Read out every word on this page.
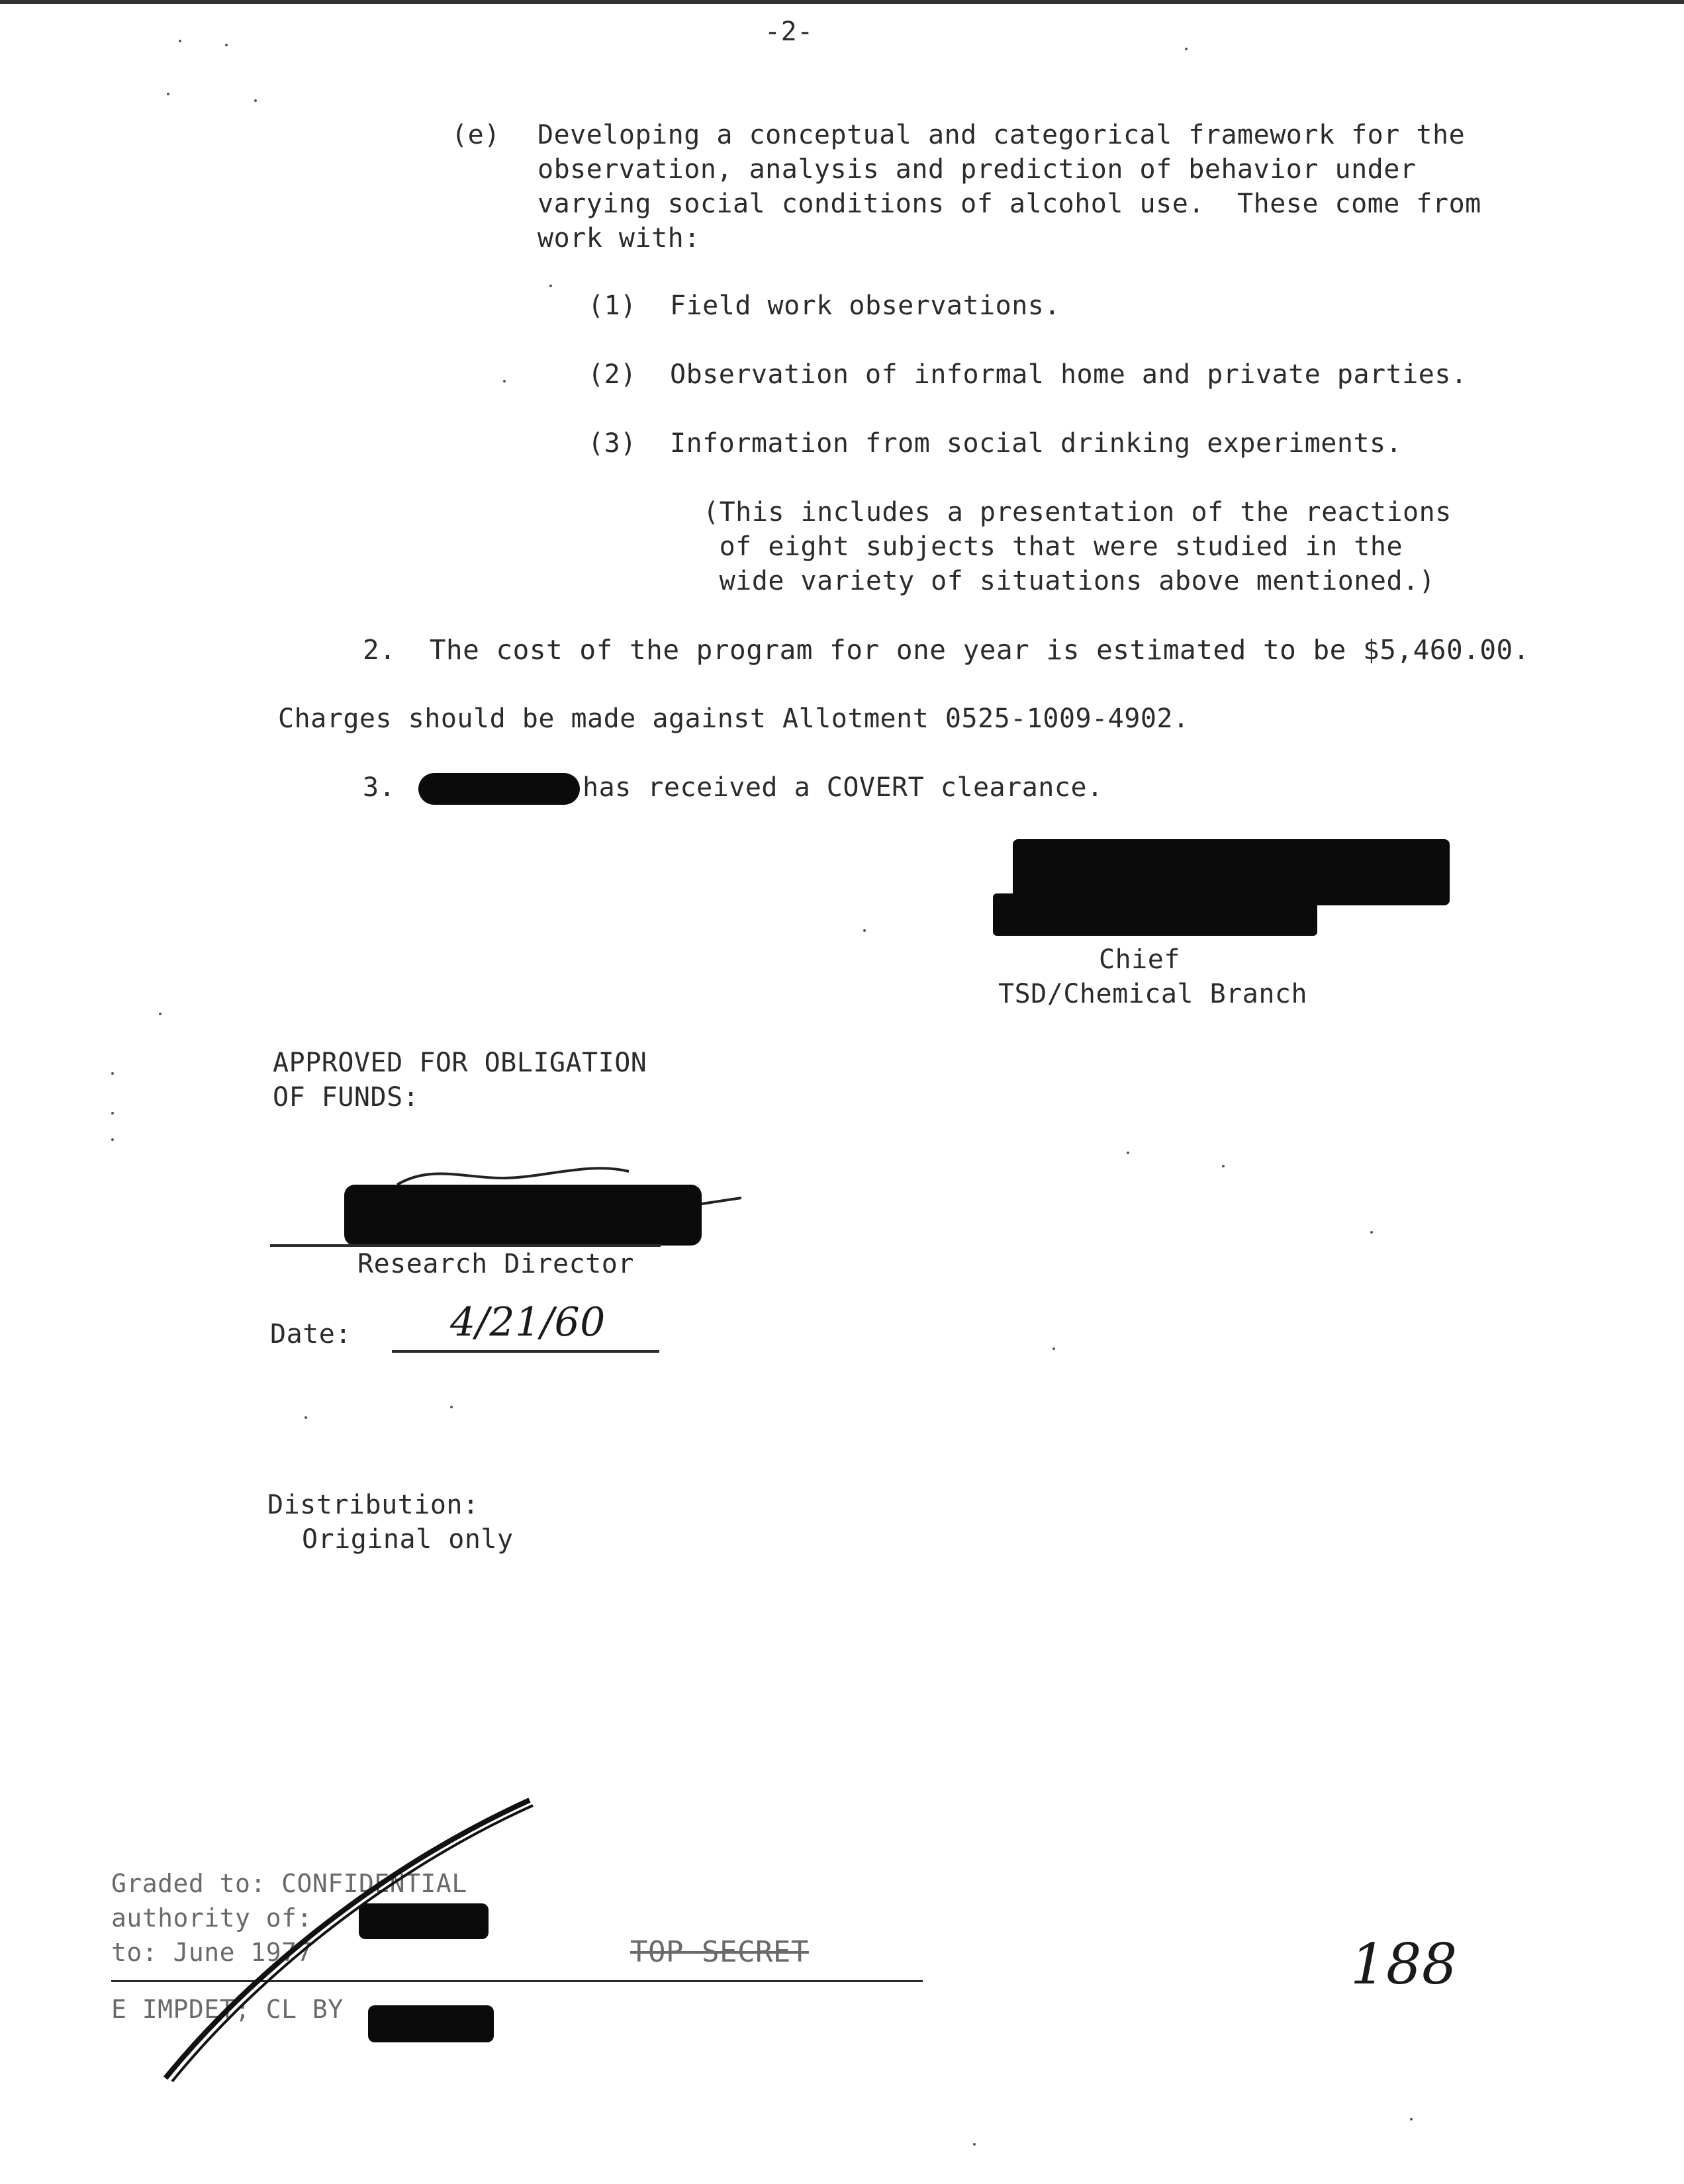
-2-
(e) Developing a conceptual and categorical framework for the
observation, analysis and prediction of behavior under
varying social conditions of alcohol use.  These come from
work with:
(1) Field work observations.
(2) Observation of informal home and private parties.
(3) Information from social drinking experiments.
(This includes a presentation of the reactions
of eight subjects that were studied in the
wide variety of situations above mentioned.)
2.  The cost of the program for one year is estimated to be $5,460.00.
Charges should be made against Allotment 0525-1009-4902.
3.	has received a COVERT clearance.
Chief
TSD/Chemical Branch
APPROVED FOR OBLIGATION
OF FUNDS:
Research Director
Date: 4/21/60
Distribution:
Original only
Graded to: CONFIDENTIAL
authority of:
to: June 1977
E IMPDET; CL BY
TOP SECRET	188
